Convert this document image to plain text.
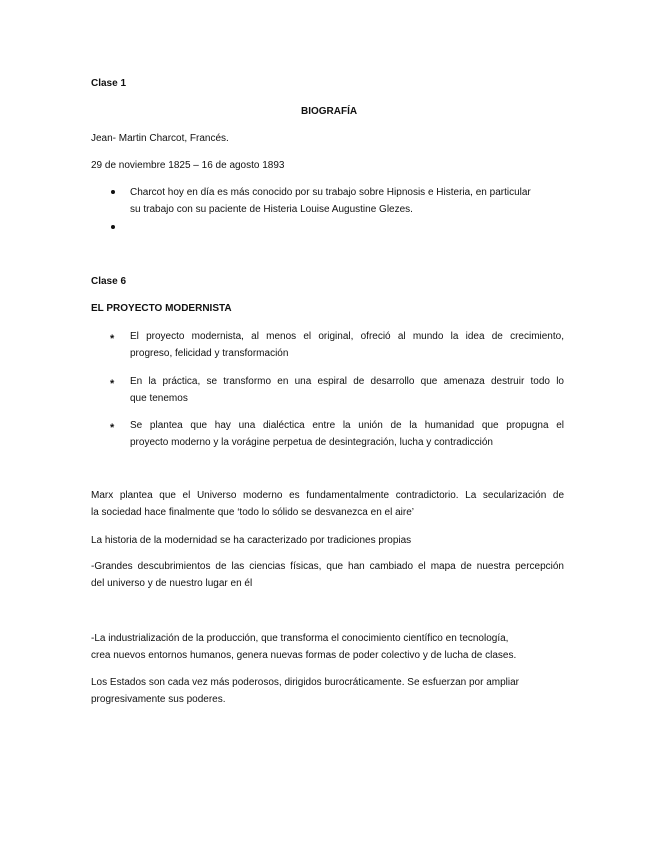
Clase 1
BIOGRAFÍA
Jean- Martin Charcot, Francés.
29 de noviembre 1825 – 16 de agosto 1893
Charcot hoy en día es más conocido por su trabajo sobre Hipnosis e Histeria, en particular
su trabajo con su paciente de Histeria Louise Augustine Glezes.
Clase 6
EL PROYECTO MODERNISTA
* El proyecto modernista, al menos el original, ofreció al mundo la idea de crecimiento,
progreso, felicidad y transformación
* En la práctica, se transformo en una espiral de desarrollo que amenaza destruir todo lo
que tenemos
* Se plantea que hay una dialéctica entre la unión de la humanidad que propugna el
proyecto moderno y la vorágine perpetua de desintegración, lucha y contradicción
Marx plantea que el Universo moderno es fundamentalmente contradictorio. La secularización de
la sociedad hace finalmente que ‘todo lo sólido se desvanezca en el aire’
La historia de la modernidad se ha caracterizado por tradiciones propias
-Grandes descubrimientos de las ciencias físicas, que han cambiado el mapa de nuestra percepción
del universo y de nuestro lugar en él
-La industrialización de la producción, que transforma el conocimiento científico en tecnología,
crea nuevos entornos humanos, genera nuevas formas de poder colectivo y de lucha de clases.
Los Estados son cada vez más poderosos, dirigidos burocráticamente. Se esfuerzan por ampliar
progresivamente sus poderes.
